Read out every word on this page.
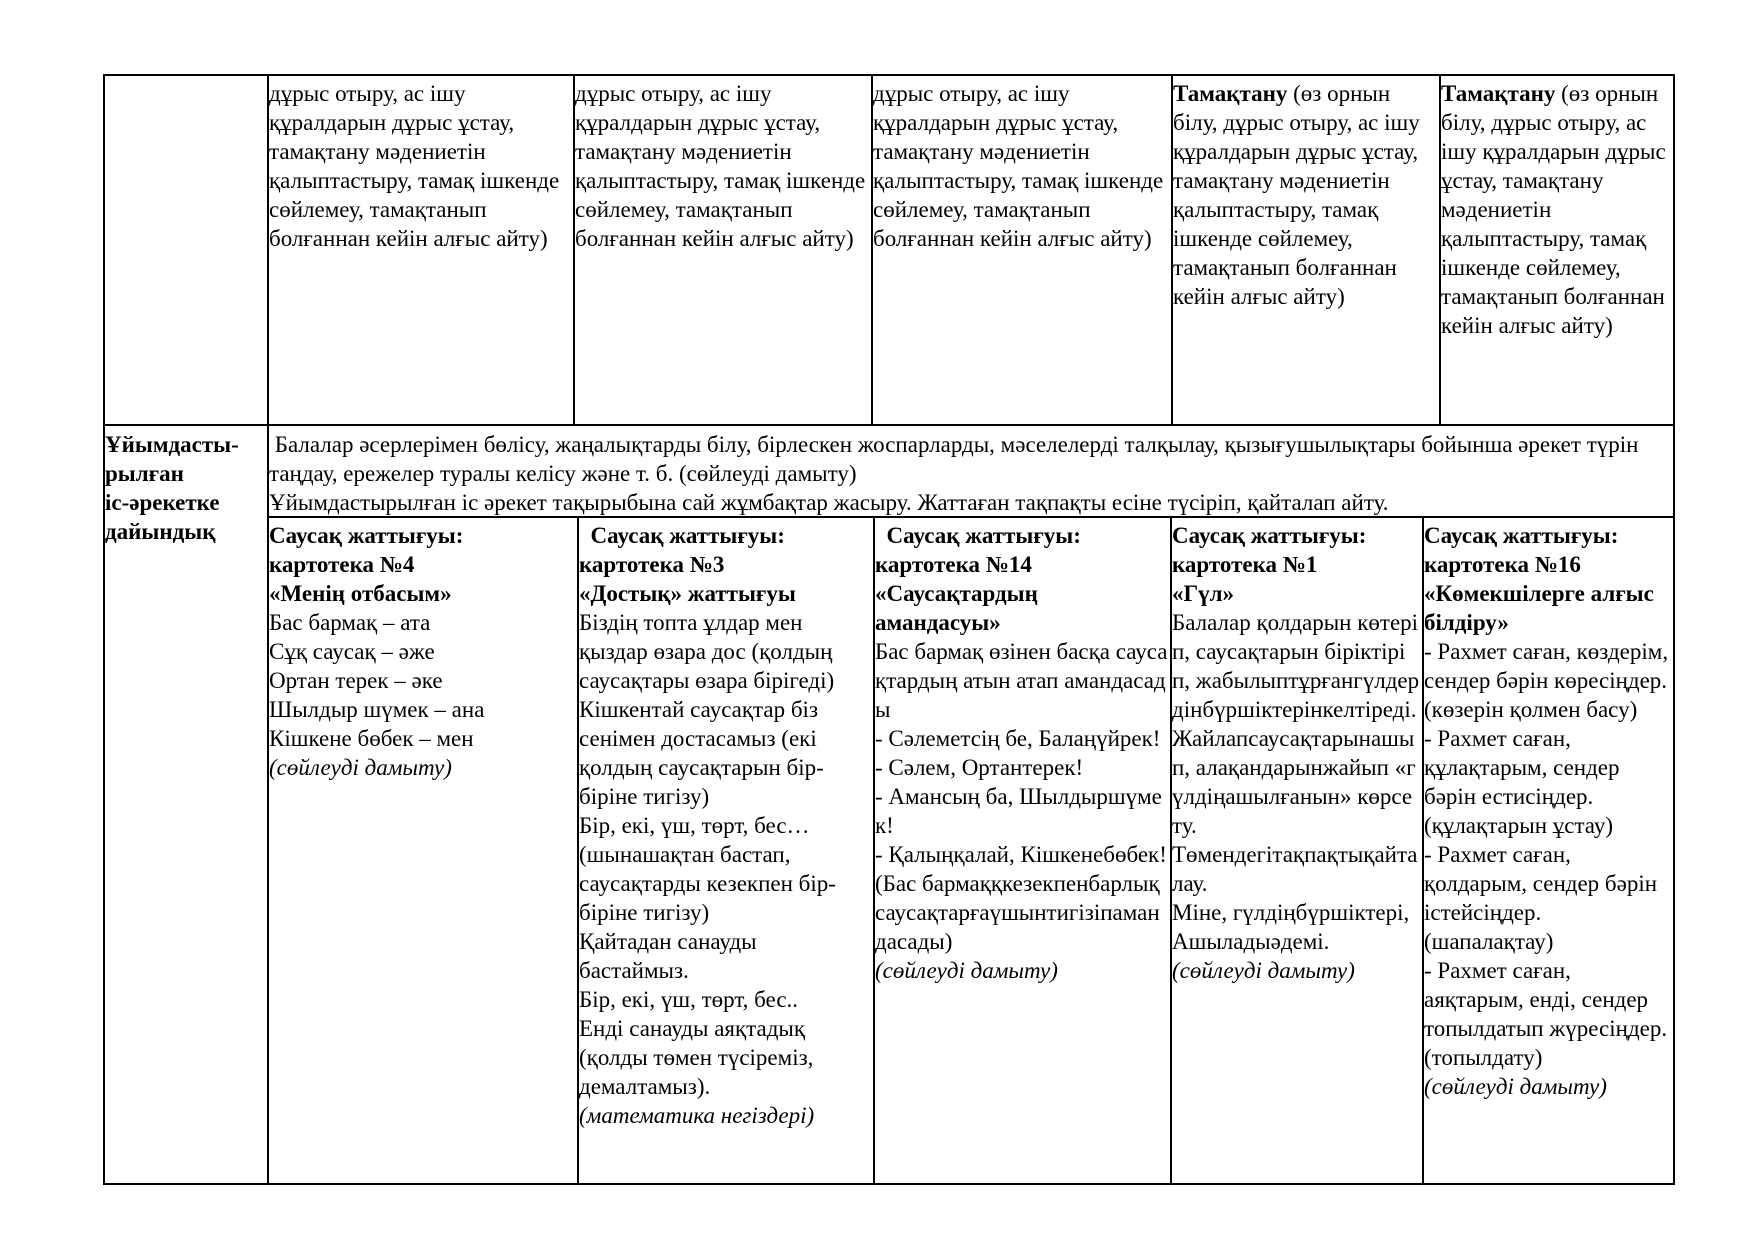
дұрыс отыру, ас ішу құралдарын дұрыс ұстау, тамақтану мәдениетін қалыптастыру, тамақ ішкенде сөйлемеу, тамақтанып болғаннан кейін алғыс айту)
дұрыс отыру, ас ішу құралдарын дұрыс ұстау, тамақтану мәдениетін қалыптастыру, тамақ ішкенде сөйлемеу, тамақтанып болғаннан кейін алғыс айту)
дұрыс отыру, ас ішу құралдарын дұрыс ұстау, тамақтану мәдениетін қалыптастыру, тамақ ішкенде сөйлемеу, тамақтанып болғаннан кейін алғыс айту)
Тамақтану (өз орнын білу, дұрыс отыру, ас ішу құралдарын дұрыс ұстау, тамақтану мәдениетін қалыптастыру, тамақ ішкенде сөйлемеу, тамақтанып болғаннан кейін алғыс айту)
Тамақтану (өз орнын білу, дұрыс отыру, ас ішу құралдарын дұрыс ұстау, тамақтану мәдениетін қалыптастыру, тамақ ішкенде сөйлемеу, тамақтанып болғаннан кейін алғыс айту)
Ұйымдасты-
рылған
іс-әрекетке
дайындық

Балалар әсерлерімен бөлісу, жаңалықтарды білу, бірлескен жоспарларды, мәселелерді талқылау, қызығушылықтары бойынша әрекет түрін таңдау, ережелер туралы келісу және т. б. (сөйлеуді дамыту)

Ұйымдастырылған іс әрекет тақырыбына сай жұмбақтар жасыру. Жаттаған тақпақты есіне түсіріп, қайталап айту.

Саусақ жаттығуы:
картотека №4
«Менің отбасым»

Бас бармақ – ата
Сұқ саусақ – әже
Ортан терек – әке
Шылдыр шүмек – ана
Кішкене бөбек – мен

(сөйлеуді дамыту)

Саусақ жаттығуы:
картотека №3
«Достық» жаттығуы

Біздің топта ұлдар мен қыздар өзара дос (қолдың саусақтары өзара бірігеді)
Кішкентай саусақтар біз сенімен достасамыз (екі қолдың саусақтарын бір-біріне тигізу)
Бір, екі, үш, төрт, бес…(шынашақтан бастап, саусақтарды кезекпен бір-біріне тигізу)
Қайтадан санауды бастаймыз.
Бір, екі, үш, төрт, бес..
Енді санауды аяқтадық (қолды төмен түсіреміз, демалтамыз).

(математика негіздері)

Саусақ жаттығуы:
картотека №14
«Саусақтардың амандасуы»

Бас бармақ өзінен басқа саусақтардың атын атап амандасады
- Сәлеметсің бе, Балаңүйрек!
- Сәлем, Ортантерек!
- Амансың ба, Шылдыршүмек!
- Қалыңқалай, Кішкенебөбек!
(Бас бармаққкезекпенбарлықсаусақтарғаүшынтигізіпамандасады)

(сөйлеуді дамыту)

Саусақ жаттығуы:
картотека №1
«Гүл»

Балалар қолдарын көтеріп, саусақтарын біріктіріп, жабылыптұрғангүлдер дінбүршіктерінкелтіреді.
Жайлапсаусақтарынашып, алақандарынжайып «гүлдіңашылғанын» көрсету.
Төмендегітақпақтықайталау.
Міне, гүлдіңбүршіктері, Ашыладыәдемі.

(сөйлеуді дамыту)

Саусақ жаттығуы:
картотека №16
«Көмекшілерге алғыс білдіру»

- Рахмет саған, көздерім, сендер бәрін көресіңдер. (көзерін қолмен басу)
- Рахмет саған, құлақтарым, сендер бәрін естисіңдер. (құлақтарын ұстау)
- Рахмет саған, қолдарым, сендер бәрін істейсіңдер. (шапалақтау)
- Рахмет саған, аяқтарым, енді, сендер топылдатып жүресіңдер. (топылдату)

(сөйлеуді дамыту)
